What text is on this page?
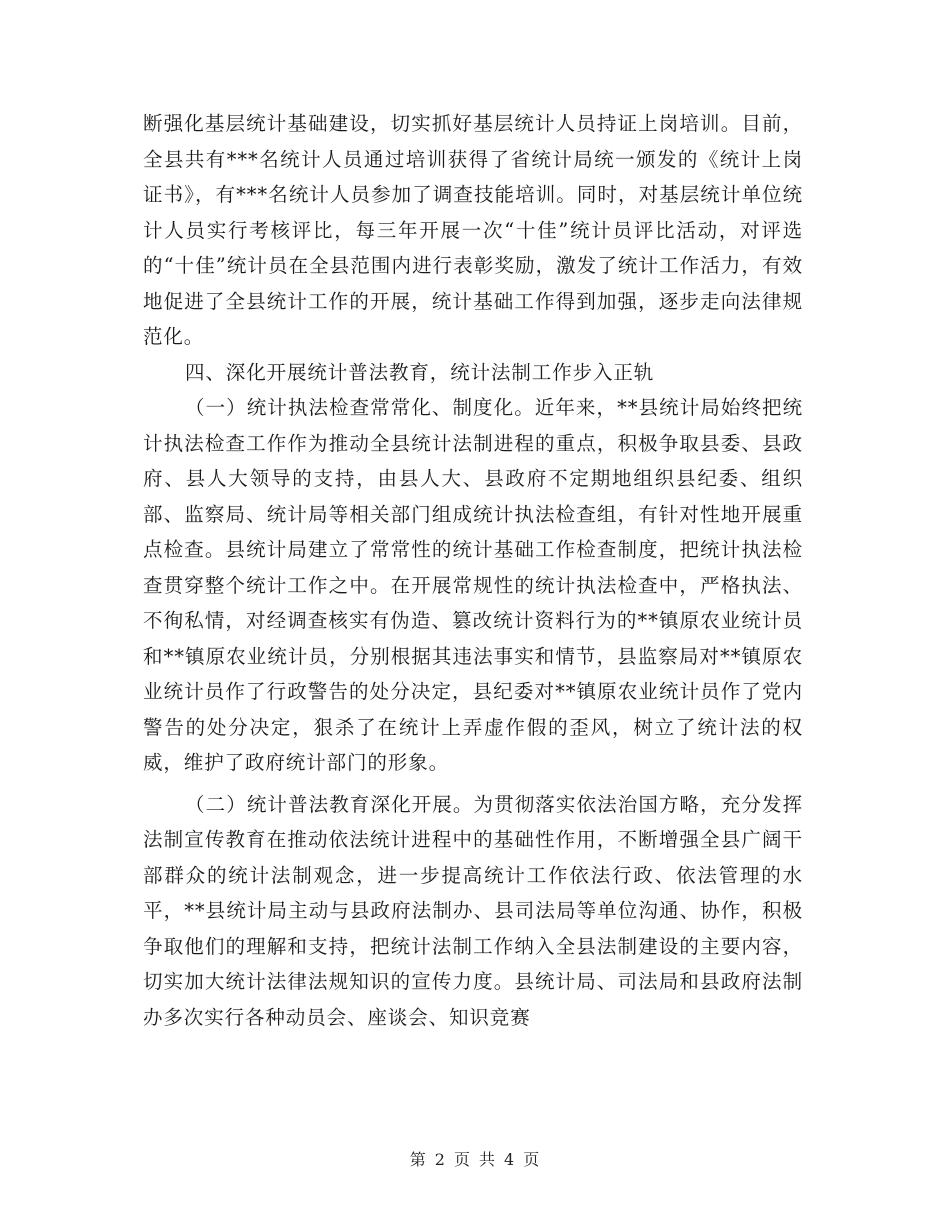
断强化基层统计基础建设，切实抓好基层统计人员持证上岗培训。目前，全县共有***名统计人员通过培训获得了省统计局统一颁发的《统计上岗证书》，有***名统计人员参加了调查技能培训。同时，对基层统计单位统计人员实行考核评比，每三年开展一次“十佳”统计员评比活动，对评选的“十佳”统计员在全县范围内进行表彰奖励，激发了统计工作活力，有效地促进了全县统计工作的开展，统计基础工作得到加强，逐步走向法律规范化。

四、深化开展统计普法教育，统计法制工作步入正轨

（一）统计执法检查常常化、制度化。近年来，**县统计局始终把统计执法检查工作作为推动全县统计法制进程的重点，积极争取县委、县政府、县人大领导的支持，由县人大、县政府不定期地组织县纪委、组织部、监察局、统计局等相关部门组成统计执法检查组，有针对性地开展重点检查。县统计局建立了常常性的统计基础工作检查制度，把统计执法检查贯穿整个统计工作之中。在开展常规性的统计执法检查中，严格执法、不徇私情，对经调查核实有伪造、篡改统计资料行为的**镇原农业统计员和**镇原农业统计员，分别根据其违法事实和情节，县监察局对**镇原农业统计员作了行政警告的处分决定，县纪委对**镇原农业统计员作了党内警告的处分决定，狠杀了在统计上弄虚作假的歪风，树立了统计法的权威，维护了政府统计部门的形象。

（二）统计普法教育深化开展。为贯彻落实依法治国方略，充分发挥法制宣传教育在推动依法统计进程中的基础性作用，不断增强全县广阔干部群众的统计法制观念，进一步提高统计工作依法行政、依法管理的水平，**县统计局主动与县政府法制办、县司法局等单位沟通、协作，积极争取他们的理解和支持，把统计法制工作纳入全县法制建设的主要内容，切实加大统计法律法规知识的宣传力度。县统计局、司法局和县政府法制办多次实行各种动员会、座谈会、知识竞赛

第 2 页 共 4 页
